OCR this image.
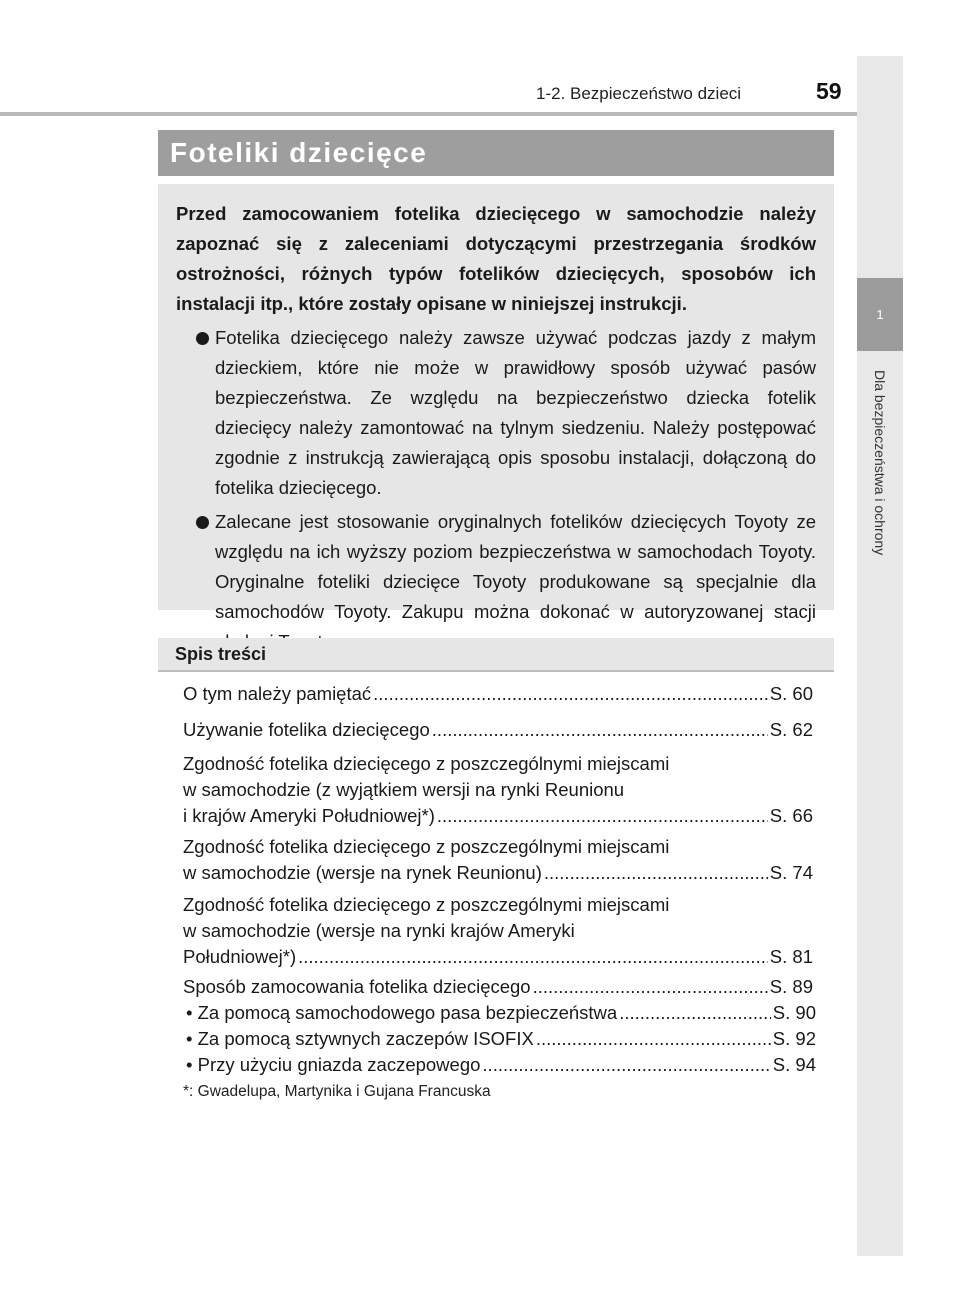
1
Dla bezpieczeństwa i ochrony
1-2. Bezpieczeństwo dzieci	59
Foteliki dziecięce

Przed zamocowaniem fotelika dziecięcego w samochodzie należy zapoznać się z zaleceniami dotyczącymi przestrzegania środków ostrożności, różnych typów fotelików dziecięcych, sposobów ich instalacji itp., które zostały opisane w niniejszej instrukcji.

Fotelika dziecięcego należy zawsze używać podczas jazdy z małym dzieckiem, które nie może w prawidłowy sposób używać pasów bezpieczeństwa. Ze względu na bezpieczeństwo dziecka fotelik dziecięcy należy zamontować na tylnym siedzeniu. Należy postępować zgodnie z instrukcją zawierającą opis sposobu instalacji, dołączoną do fotelika dziecięcego.
Zalecane jest stosowanie oryginalnych fotelików dziecięcych Toyoty ze względu na ich wyższy poziom bezpieczeństwa w samochodach Toyoty. Oryginalne foteliki dziecięce Toyoty produkowane są specjalnie dla samochodów Toyoty. Zakupu można dokonać w autoryzowanej stacji
Spis treści
O tym należy pamiętać .....	S. 60
Używanie fotelika dziecięcego .....	S. 62
Zgodność fotelika dziecięcego z poszczególnymi miejscami
w samochodzie (z wyjątkiem wersji na rynki Reunionu
i krajów Ameryki Południowej*) .....	S. 66
Zgodność fotelika dziecięcego z poszczególnymi miejscami
w samochodzie (wersje na rynek Reunionu) .....	S. 74
Zgodność fotelika dziecięcego z poszczególnymi miejscami
w samochodzie (wersje na rynki krajów Ameryki
Południowej*) .....	S. 81
Sposób zamocowania fotelika dziecięcego .....	S. 89
• Za pomocą samochodowego pasa bezpieczeństwa .....	S. 90
• Za pomocą sztywnych zaczepów ISOFIX .....	S. 92
• Przy użyciu gniazda zaczepowego .....	S. 94
*: Gwadelupa, Martynika i Gujana Francuska
